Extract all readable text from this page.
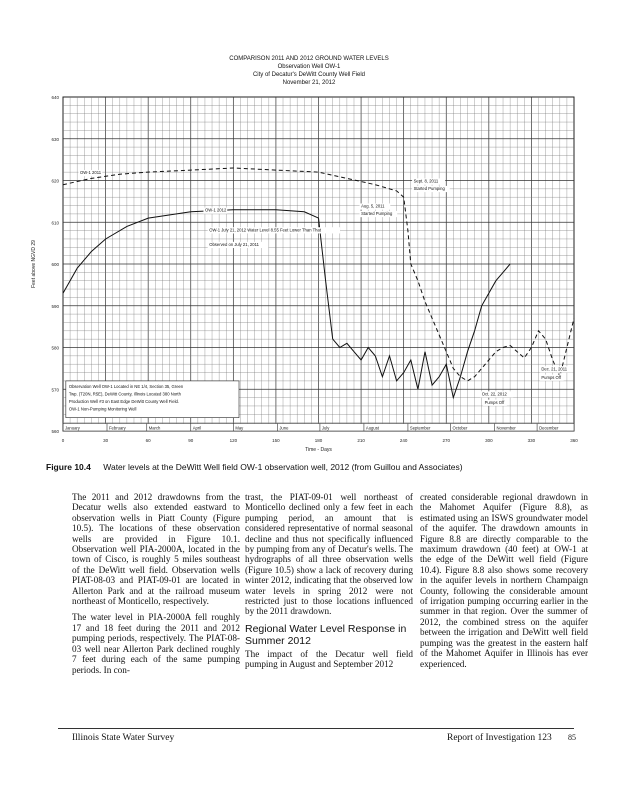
COMPARISON 2011 AND 2012 GROUND WATER LEVELS
Observation Well OW-1
City of Decatur's DeWitt County Well Field
November 21, 2012
560
570
580
590
600
610
620
630
640
0	30	60	90	120	150	180	210	240	270	300	330	360
Time - Days
Feet above NGVD 29
January	February	March	April	May	June	July	August	September	October	November	December
OW-1 2011
OW-1 2012
Aug. 5, 2011
Started Pumping
Sept. 8, 2011
Started Pumping
OW-1 July 21, 2012 Water Level 8.55 Feet Lower Than That
Observed on July 21, 2011
Oct. 22, 2012
Pumps Off
Dec. 21, 2011
Pumps Off
Observation Well OW-1 Located in NE 1/4, Section 35, Green
Twp. (T20N, R5E), DeWitt County, Illinois Located 380 North
Production Well #3 on East Edge DeWitt County Well Field.
OW-1 Non-Pumping Monitoring Well
Figure 10.4 Water levels at the DeWitt Well field OW-1 observation well, 2012 (from Guillou and Associates)

The 2011 and 2012 drawdowns from the Decatur wells also extended eastward to observation wells in Piatt County (Figure 10.5). The locations of these observation wells are provided in Figure 10.1. Observation well PIA-2000A, located in the town of Cisco, is roughly 5 miles southeast of the DeWitt well field. Observation wells PIAT-08-03 and PIAT-09-01 are located in Allerton Park and at the railroad museum northeast of Monticello, respectively.

The water level in PIA-2000A fell roughly 17 and 18 feet during the 2011 and 2012 pumping periods, respectively. The PIAT-08-03 well near Allerton Park declined roughly 7 feet during each of the same pumping periods. In con-

trast, the PIAT-09-01 well northeast of Monticello declined only a few feet in each pumping period, an amount that is considered representative of normal seasonal decline and thus not specifically influenced by pumping from any of Decatur's wells. The hydrographs of all three observation wells (Figure 10.5) show a lack of recovery during winter 2012, indicating that the observed low water levels in spring 2012 were not restricted just to those locations influenced by the 2011 drawdown.

Regional Water Level Response in Summer 2012

The impact of the Decatur well field pumping in August and September 2012

created considerable regional drawdown in the Mahomet Aquifer (Figure 8.8), as estimated using an ISWS groundwater model of the aquifer. The drawdown amounts in Figure 8.8 are directly comparable to the maximum drawdown (40 feet) at OW-1 at the edge of the DeWitt well field (Figure 10.4). Figure 8.8 also shows some recovery in the aquifer levels in northern Champaign County, following the considerable amount of irrigation pumping occurring earlier in the summer in that region. Over the summer of 2012, the combined stress on the aquifer between the irrigation and DeWitt well field pumping was the greatest in the eastern half of the Mahomet Aquifer in Illinois has ever experienced.

Illinois State Water Survey	Report of Investigation 123 85
